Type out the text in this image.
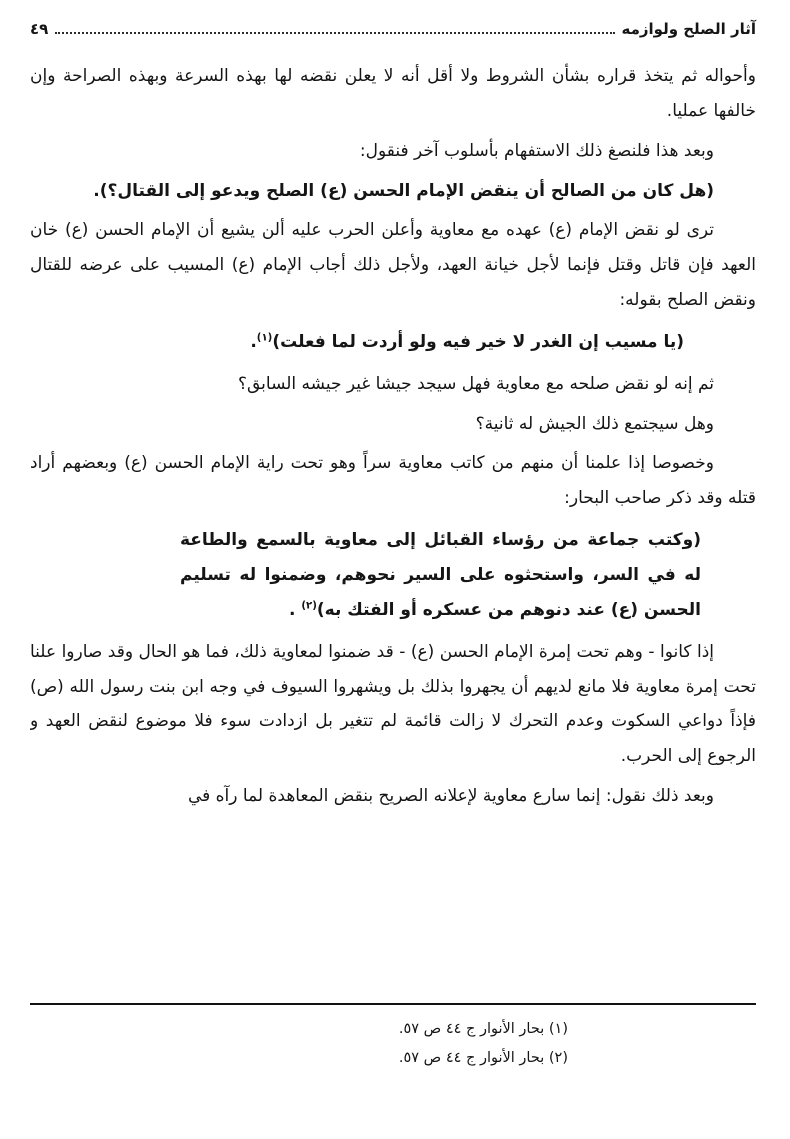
آثار الصلح ولوازمه
٤٩

وأحواله ثم يتخذ قراره بشأن الشروط ولا أقل أنه لا يعلن نقضه لها بهذه السرعة وبهذه الصراحة وإن خالفها عمليا.

وبعد هذا فلنصغ ذلك الاستفهام بأسلوب آخر فنقول:

(هل كان من الصالح أن ينقض الإمام الحسن (ع) الصلح ويدعو إلى القتال؟).

ترى لو نقض الإمام (ع) عهده مع معاوية وأعلن الحرب عليه ألن يشيع أن الإمام الحسن (ع) خان العهد فإن قاتل وقتل فإنما لأجل خيانة العهد، ولأجل ذلك أجاب الإمام (ع) المسيب على عرضه للقتال ونقض الصلح بقوله:

(يا مسيب إن الغدر لا خير فيه ولو أردت لما فعلت)$^{(١)}$.

ثم إنه لو نقض صلحه مع معاوية فهل سيجد جيشا غير جيشه السابق؟

وهل سيجتمع ذلك الجيش له ثانية؟

وخصوصا إذا علمنا أن منهم من كاتب معاوية سراً وهو تحت راية الإمام الحسن (ع) وبعضهم أراد قتله وقد ذكر صاحب البحار:

(وكتب جماعة من رؤساء القبائل إلى معاوية بالسمع والطاعة له في السر، واستحثوه على السير نحوهم، وضمنوا له تسليم الحسن (ع) عند دنوهم من عسكره أو الفتك به)$^{(٢)}$ .

إذا كانوا - وهم تحت إمرة الإمام الحسن (ع) - قد ضمنوا لمعاوية ذلك، فما هو الحال وقد صاروا علنا تحت إمرة معاوية فلا مانع لديهم أن يجهروا بذلك بل ويشهروا السيوف في وجه ابن بنت رسول الله (ص) فإذاً دواعي السكوت وعدم التحرك لا زالت قائمة لم تتغير بل ازدادت سوء فلا موضوع لنقض العهد و الرجوع إلى الحرب.

وبعد ذلك نقول: إنما سارع معاوية لإعلانه الصريح بنقض المعاهدة لما رآه في

(١) بحار الأنوار ج ٤٤ ص ٥٧.
(٢) بحار الأنوار ج ٤٤ ص ٥٧.
